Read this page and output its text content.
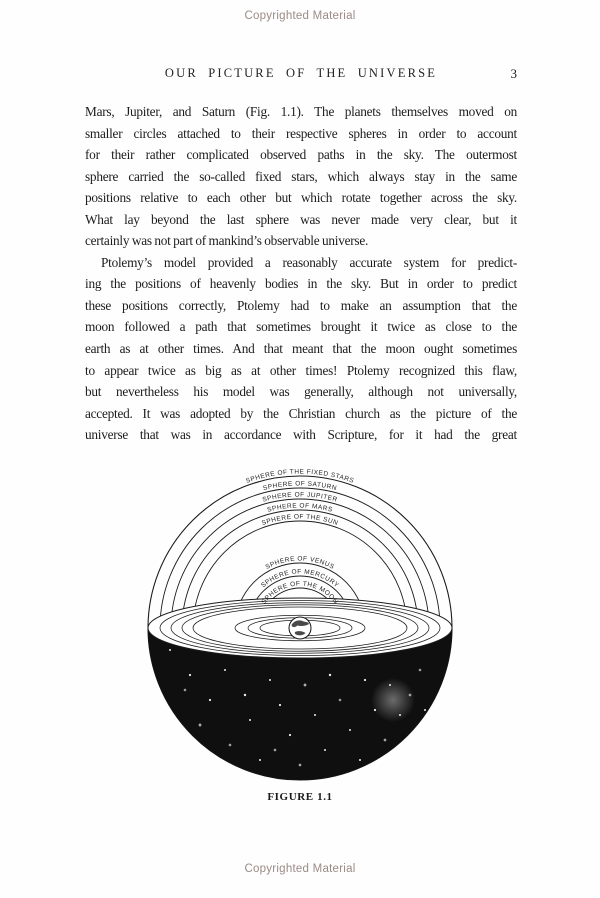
Copyrighted Material
OUR PICTURE OF THE UNIVERSE	3
Mars, Jupiter, and Saturn (Fig. 1.1). The planets themselves moved on
smaller circles attached to their respective spheres in order to account
for their rather complicated observed paths in the sky. The outermost
sphere carried the so-called fixed stars, which always stay in the same
positions relative to each other but which rotate together across the sky.
What lay beyond the last sphere was never made very clear, but it
certainly was not part of mankind’s observable universe.
Ptolemy’s model provided a reasonably accurate system for predict-
ing the positions of heavenly bodies in the sky. But in order to predict
these positions correctly, Ptolemy had to make an assumption that the
moon followed a path that sometimes brought it twice as close to the
earth as at other times. And that meant that the moon ought sometimes
to appear twice as big as at other times! Ptolemy recognized this flaw,
but nevertheless his model was generally, although not universally,
accepted. It was adopted by the Christian church as the picture of the
universe that was in accordance with Scripture, for it had the great
SPHERE OF THE FIXED STARS
SPHERE OF SATURN
SPHERE OF JUPITER
SPHERE OF MARS
SPHERE OF THE SUN
SPHERE OF VENUS
SPHERE OF MERCURY
SPHERE OF THE MOON
FIGURE 1.1
Copyrighted Material
